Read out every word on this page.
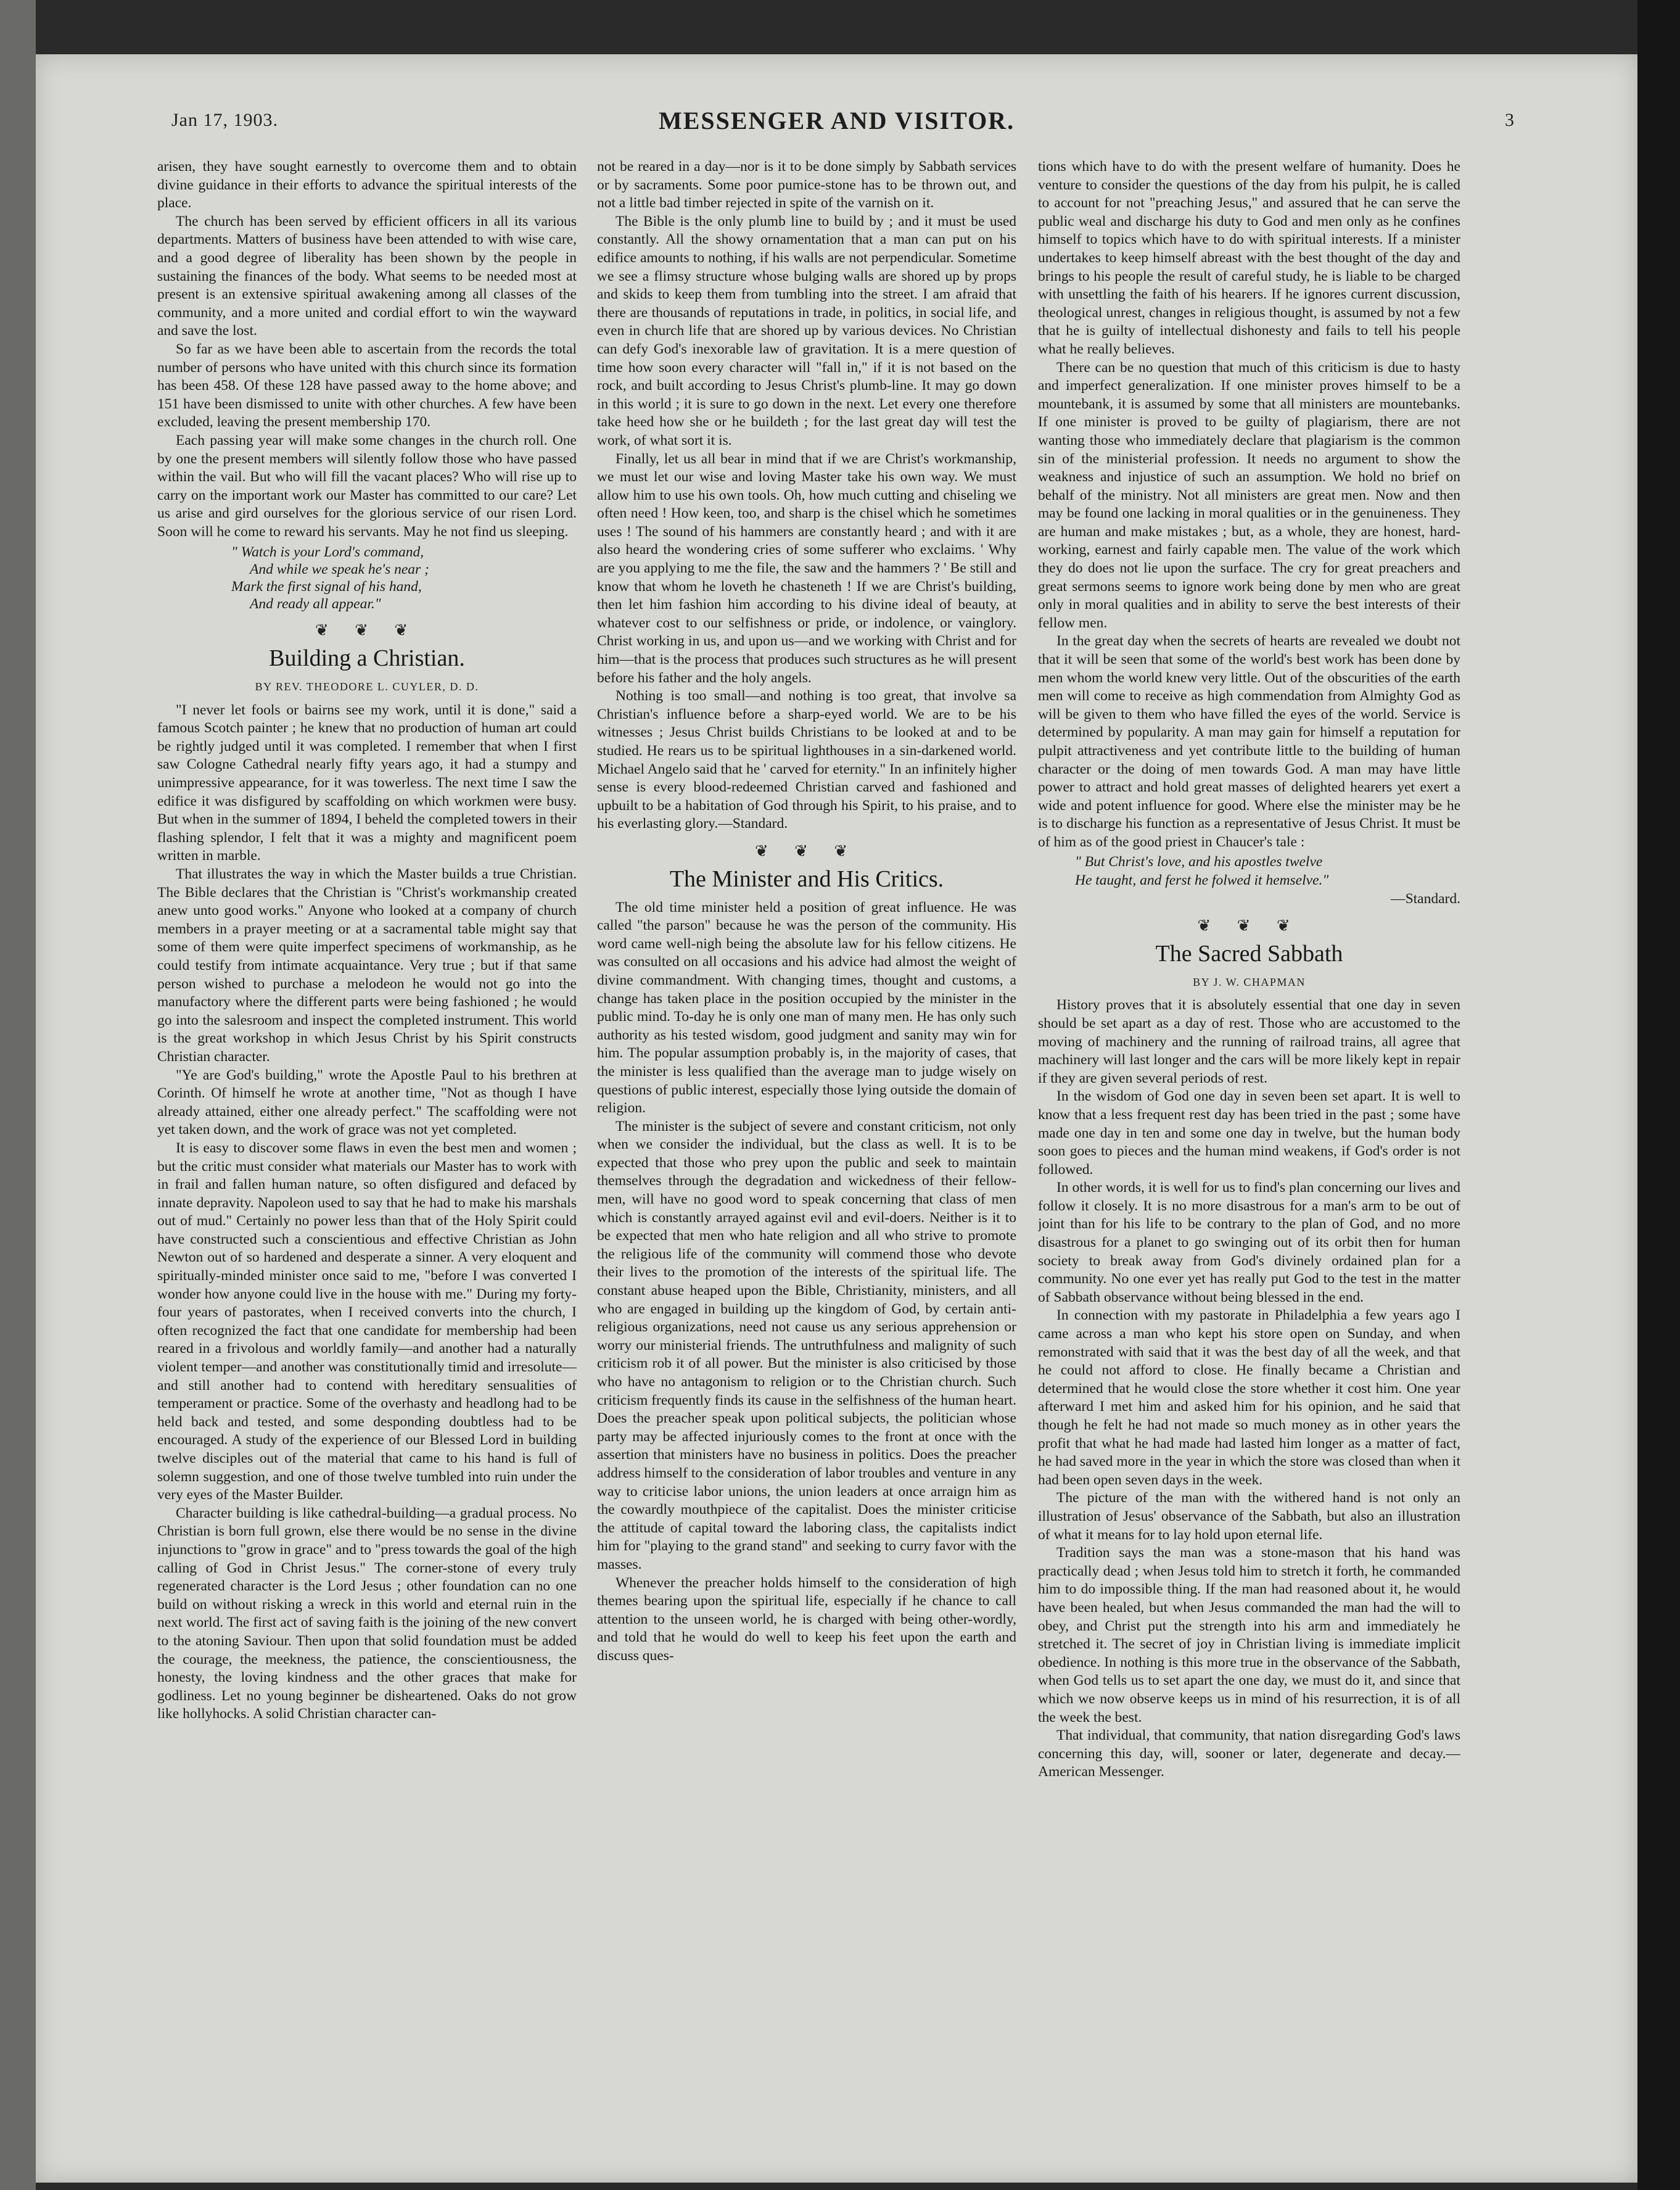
Jan 17, 1903.	MESSENGER AND VISITOR.	3

arisen, they have sought earnestly to overcome them and to obtain divine guidance in their efforts to advance the spiritual interests of the place.

The church has been served by efficient officers in all its various departments. Matters of business have been attended to with wise care, and a good degree of liberality has been shown by the people in sustaining the finances of the body. What seems to be needed most at present is an extensive spiritual awakening among all classes of the community, and a more united and cordial effort to win the wayward and save the lost.

So far as we have been able to ascertain from the records the total number of persons who have united with this church since its formation has been 458. Of these 128 have passed away to the home above; and 151 have been dismissed to unite with other churches. A few have been excluded, leaving the present membership 170.

Each passing year will make some changes in the church roll. One by one the present members will silently follow those who have passed within the vail. But who will fill the vacant places? Who will rise up to carry on the important work our Master has committed to our care? Let us arise and gird ourselves for the glorious service of our risen Lord. Soon will he come to reward his servants. May he not find us sleeping.

" Watch is your Lord's command,
And while we speak he's near ;
Mark the first signal of his hand,
And ready all appear."
❦ ❦ ❦
Building a Christian.
BY REV. THEODORE L. CUYLER, D. D.

"I never let fools or bairns see my work, until it is done," said a famous Scotch painter ; he knew that no production of human art could be rightly judged until it was completed. I remember that when I first saw Cologne Cathedral nearly fifty years ago, it had a stumpy and unimpressive appearance, for it was towerless. The next time I saw the edifice it was disfigured by scaffolding on which workmen were busy. But when in the summer of 1894, I beheld the completed towers in their flashing splendor, I felt that it was a mighty and magnificent poem written in marble.

That illustrates the way in which the Master builds a true Christian. The Bible declares that the Christian is "Christ's workmanship created anew unto good works." Anyone who looked at a company of church members in a prayer meeting or at a sacramental table might say that some of them were quite imperfect specimens of workmanship, as he could testify from intimate acquaintance. Very true ; but if that same person wished to purchase a melodeon he would not go into the manufactory where the different parts were being fashioned ; he would go into the salesroom and inspect the completed instrument. This world is the great workshop in which Jesus Christ by his Spirit constructs Christian character.

"Ye are God's building," wrote the Apostle Paul to his brethren at Corinth. Of himself he wrote at another time, "Not as though I have already attained, either one already perfect." The scaffolding were not yet taken down, and the work of grace was not yet completed.

It is easy to discover some flaws in even the best men and women ; but the critic must consider what materials our Master has to work with in frail and fallen human nature, so often disfigured and defaced by innate depravity. Napoleon used to say that he had to make his marshals out of mud." Certainly no power less than that of the Holy Spirit could have constructed such a conscientious and effective Christian as John Newton out of so hardened and desperate a sinner. A very eloquent and spiritually-minded minister once said to me, "before I was converted I wonder how anyone could live in the house with me." During my forty-four years of pastorates, when I received converts into the church, I often recognized the fact that one candidate for membership had been reared in a frivolous and worldly family—and another had a naturally violent temper—and another was constitutionally timid and irresolute—and still another had to contend with hereditary sensualities of temperament or practice. Some of the overhasty and headlong had to be held back and tested, and some desponding doubtless had to be encouraged. A study of the experience of our Blessed Lord in building twelve disciples out of the material that came to his hand is full of solemn suggestion, and one of those twelve tumbled into ruin under the very eyes of the Master Builder.

Character building is like cathedral-building—a gradual process. No Christian is born full grown, else there would be no sense in the divine injunctions to "grow in grace" and to "press towards the goal of the high calling of God in Christ Jesus." The corner-stone of every truly regenerated character is the Lord Jesus ; other foundation can no one build on without risking a wreck in this world and eternal ruin in the next world. The first act of saving faith is the joining of the new convert to the atoning Saviour. Then upon that solid foundation must be added the courage, the meekness, the patience, the conscientiousness, the honesty, the loving kindness and the other graces that make for godliness. Let no young beginner be disheartened. Oaks do not grow like hollyhocks. A solid Christian character can-

not be reared in a day—nor is it to be done simply by Sabbath services or by sacraments. Some poor pumice-stone has to be thrown out, and not a little bad timber rejected in spite of the varnish on it.

The Bible is the only plumb line to build by ; and it must be used constantly. All the showy ornamentation that a man can put on his edifice amounts to nothing, if his walls are not perpendicular. Sometime we see a flimsy structure whose bulging walls are shored up by props and skids to keep them from tumbling into the street. I am afraid that there are thousands of reputations in trade, in politics, in social life, and even in church life that are shored up by various devices. No Christian can defy God's inexorable law of gravitation. It is a mere question of time how soon every character will "fall in," if it is not based on the rock, and built according to Jesus Christ's plumb-line. It may go down in this world ; it is sure to go down in the next. Let every one therefore take heed how she or he buildeth ; for the last great day will test the work, of what sort it is.

Finally, let us all bear in mind that if we are Christ's workmanship, we must let our wise and loving Master take his own way. We must allow him to use his own tools. Oh, how much cutting and chiseling we often need ! How keen, too, and sharp is the chisel which he sometimes uses ! The sound of his hammers are constantly heard ; and with it are also heard the wondering cries of some sufferer who exclaims. ' Why are you applying to me the file, the saw and the hammers ? ' Be still and know that whom he loveth he chasteneth ! If we are Christ's building, then let him fashion him according to his divine ideal of beauty, at whatever cost to our selfishness or pride, or indolence, or vainglory. Christ working in us, and upon us—and we working with Christ and for him—that is the process that produces such structures as he will present before his father and the holy angels.

Nothing is too small—and nothing is too great, that involve sa Christian's influence before a sharp-eyed world. We are to be his witnesses ; Jesus Christ builds Christians to be looked at and to be studied. He rears us to be spiritual lighthouses in a sin-darkened world. Michael Angelo said that he ' carved for eternity." In an infinitely higher sense is every blood-redeemed Christian carved and fashioned and upbuilt to be a habitation of God through his Spirit, to his praise, and to his everlasting glory.—Standard.

❦ ❦ ❦
The Minister and His Critics.

The old time minister held a position of great influence. He was called "the parson" because he was the person of the community. His word came well-nigh being the absolute law for his fellow citizens. He was consulted on all occasions and his advice had almost the weight of divine commandment. With changing times, thought and customs, a change has taken place in the position occupied by the minister in the public mind. To-day he is only one man of many men. He has only such authority as his tested wisdom, good judgment and sanity may win for him. The popular assumption probably is, in the majority of cases, that the minister is less qualified than the average man to judge wisely on questions of public interest, especially those lying outside the domain of religion.

The minister is the subject of severe and constant criticism, not only when we consider the individual, but the class as well. It is to be expected that those who prey upon the public and seek to maintain themselves through the degradation and wickedness of their fellow-men, will have no good word to speak concerning that class of men which is constantly arrayed against evil and evil-doers. Neither is it to be expected that men who hate religion and all who strive to promote the religious life of the community will commend those who devote their lives to the promotion of the interests of the spiritual life. The constant abuse heaped upon the Bible, Christianity, ministers, and all who are engaged in building up the kingdom of God, by certain anti-religious organizations, need not cause us any serious apprehension or worry our ministerial friends. The untruthfulness and malignity of such criticism rob it of all power. But the minister is also criticised by those who have no antagonism to religion or to the Christian church. Such criticism frequently finds its cause in the selfishness of the human heart. Does the preacher speak upon political subjects, the politician whose party may be affected injuriously comes to the front at once with the assertion that ministers have no business in politics. Does the preacher address himself to the consideration of labor troubles and venture in any way to criticise labor unions, the union leaders at once arraign him as the cowardly mouthpiece of the capitalist. Does the minister criticise the attitude of capital toward the laboring class, the capitalists indict him for "playing to the grand stand" and seeking to curry favor with the masses.

Whenever the preacher holds himself to the consideration of high themes bearing upon the spiritual life, especially if he chance to call attention to the unseen world, he is charged with being other-wordly, and told that he would do well to keep his feet upon the earth and discuss ques-

tions which have to do with the present welfare of humanity. Does he venture to consider the questions of the day from his pulpit, he is called to account for not "preaching Jesus," and assured that he can serve the public weal and discharge his duty to God and men only as he confines himself to topics which have to do with spiritual interests. If a minister undertakes to keep himself abreast with the best thought of the day and brings to his people the result of careful study, he is liable to be charged with unsettling the faith of his hearers. If he ignores current discussion, theological unrest, changes in religious thought, is assumed by not a few that he is guilty of intellectual dishonesty and fails to tell his people what he really believes.

There can be no question that much of this criticism is due to hasty and imperfect generalization. If one minister proves himself to be a mountebank, it is assumed by some that all ministers are mountebanks. If one minister is proved to be guilty of plagiarism, there are not wanting those who immediately declare that plagiarism is the common sin of the ministerial profession. It needs no argument to show the weakness and injustice of such an assumption. We hold no brief on behalf of the ministry. Not all ministers are great men. Now and then may be found one lacking in moral qualities or in the genuineness. They are human and make mistakes ; but, as a whole, they are honest, hard-working, earnest and fairly capable men. The value of the work which they do does not lie upon the surface. The cry for great preachers and great sermons seems to ignore work being done by men who are great only in moral qualities and in ability to serve the best interests of their fellow men.

In the great day when the secrets of hearts are revealed we doubt not that it will be seen that some of the world's best work has been done by men whom the world knew very little. Out of the obscurities of the earth men will come to receive as high commendation from Almighty God as will be given to them who have filled the eyes of the world. Service is determined by popularity. A man may gain for himself a reputation for pulpit attractiveness and yet contribute little to the building of human character or the doing of men towards God. A man may have little power to attract and hold great masses of delighted hearers yet exert a wide and potent influence for good. Where else the minister may be he is to discharge his function as a representative of Jesus Christ. It must be of him as of the good priest in Chaucer's tale :

" But Christ's love, and his apostles twelve
He taught, and ferst he folwed it hemselve."
—Standard.
❦ ❦ ❦
The Sacred Sabbath
BY J. W. CHAPMAN

History proves that it is absolutely essential that one day in seven should be set apart as a day of rest. Those who are accustomed to the moving of machinery and the running of railroad trains, all agree that machinery will last longer and the cars will be more likely kept in repair if they are given several periods of rest.

In the wisdom of God one day in seven been set apart. It is well to know that a less frequent rest day has been tried in the past ; some have made one day in ten and some one day in twelve, but the human body soon goes to pieces and the human mind weakens, if God's order is not followed.

In other words, it is well for us to find's plan concerning our lives and follow it closely. It is no more disastrous for a man's arm to be out of joint than for his life to be contrary to the plan of God, and no more disastrous for a planet to go swinging out of its orbit then for human society to break away from God's divinely ordained plan for a community. No one ever yet has really put God to the test in the matter of Sabbath observance without being blessed in the end.

In connection with my pastorate in Philadelphia a few years ago I came across a man who kept his store open on Sunday, and when remonstrated with said that it was the best day of all the week, and that he could not afford to close. He finally became a Christian and determined that he would close the store whether it cost him. One year afterward I met him and asked him for his opinion, and he said that though he felt he had not made so much money as in other years the profit that what he had made had lasted him longer as a matter of fact, he had saved more in the year in which the store was closed than when it had been open seven days in the week.

The picture of the man with the withered hand is not only an illustration of Jesus' observance of the Sabbath, but also an illustration of what it means for to lay hold upon eternal life.

Tradition says the man was a stone-mason that his hand was practically dead ; when Jesus told him to stretch it forth, he commanded him to do impossible thing. If the man had reasoned about it, he would have been healed, but when Jesus commanded the man had the will to obey, and Christ put the strength into his arm and immediately he stretched it. The secret of joy in Christian living is immediate implicit obedience. In nothing is this more true in the observance of the Sabbath, when God tells us to set apart the one day, we must do it, and since that which we now observe keeps us in mind of his resurrection, it is of all the week the best.

That individual, that community, that nation disregarding God's laws concerning this day, will, sooner or later, degenerate and decay.—American Messenger.
